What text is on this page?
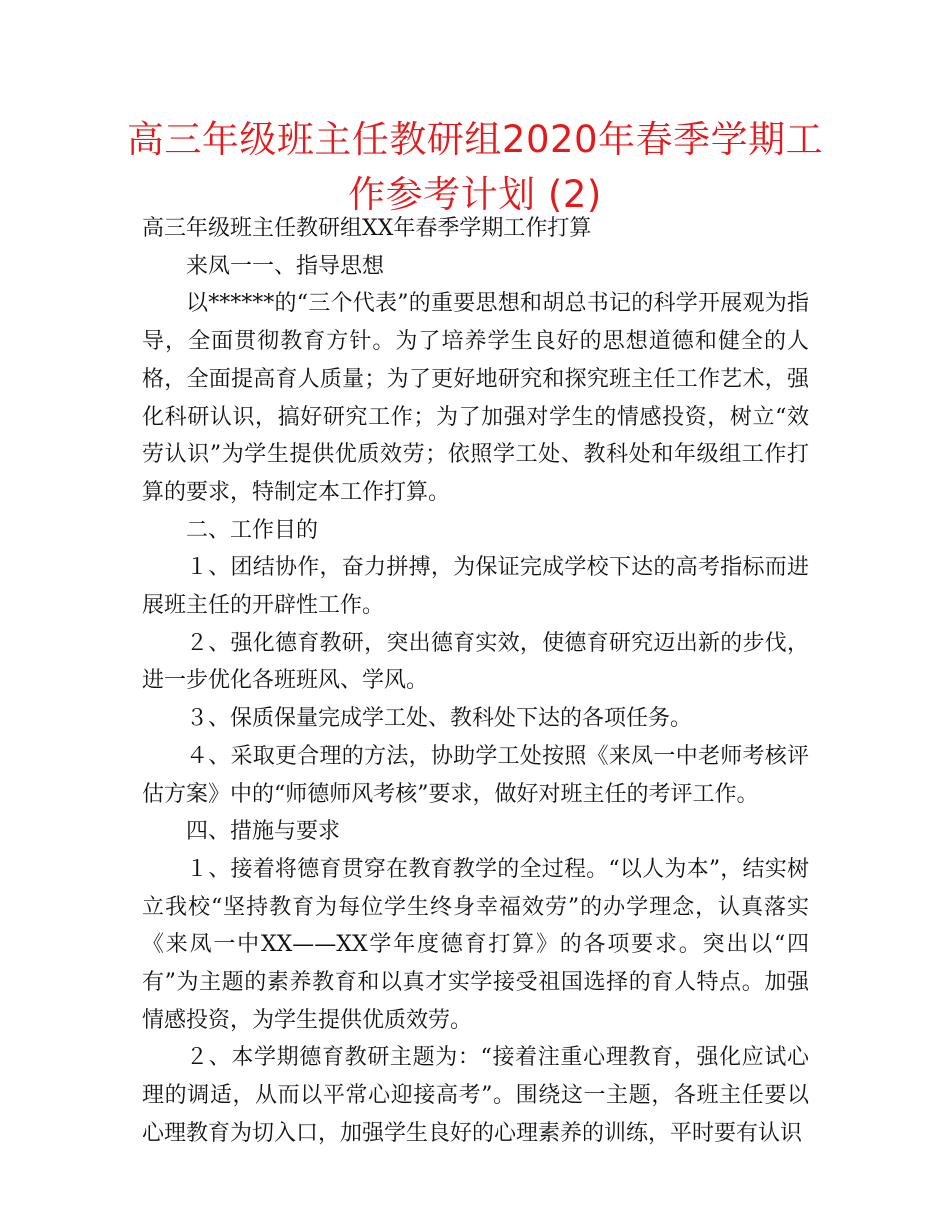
高三年级班主任教研组2020年春季学期工作参考计划 (2)

高三年级班主任教研组XX年春季学期工作打算

来凤一一、指导思想

以******的“三个代表”的重要思想和胡总书记的科学开展观为指导，全面贯彻教育方针。为了培养学生良好的思想道德和健全的人格，全面提高育人质量；为了更好地研究和探究班主任工作艺术，强化科研认识，搞好研究工作；为了加强对学生的情感投资，树立“效劳认识”为学生提供优质效劳；依照学工处、教科处和年级组工作打算的要求，特制定本工作打算。

二、工作目的

１、团结协作，奋力拼搏，为保证完成学校下达的高考指标而进展班主任的开辟性工作。

２、强化德育教研，突出德育实效，使德育研究迈出新的步伐，进一步优化各班班风、学风。

３、保质保量完成学工处、教科处下达的各项任务。

４、采取更合理的方法，协助学工处按照《来凤一中老师考核评估方案》中的“师德师风考核”要求，做好对班主任的考评工作。

四、措施与要求

１、接着将德育贯穿在教育教学的全过程。“以人为本”，结实树立我校“坚持教育为每位学生终身幸福效劳”的办学理念，认真落实《来凤一中XX——XX学年度德育打算》的各项要求。突出以“四有”为主题的素养教育和以真才实学接受祖国选择的育人特点。加强情感投资，为学生提供优质效劳。

２、本学期德育教研主题为：“接着注重心理教育，强化应试心理的调适，从而以平常心迎接高考”。围绕这一主题，各班主任要以心理教育为切入口，加强学生良好的心理素养的训练，平时要有认识
